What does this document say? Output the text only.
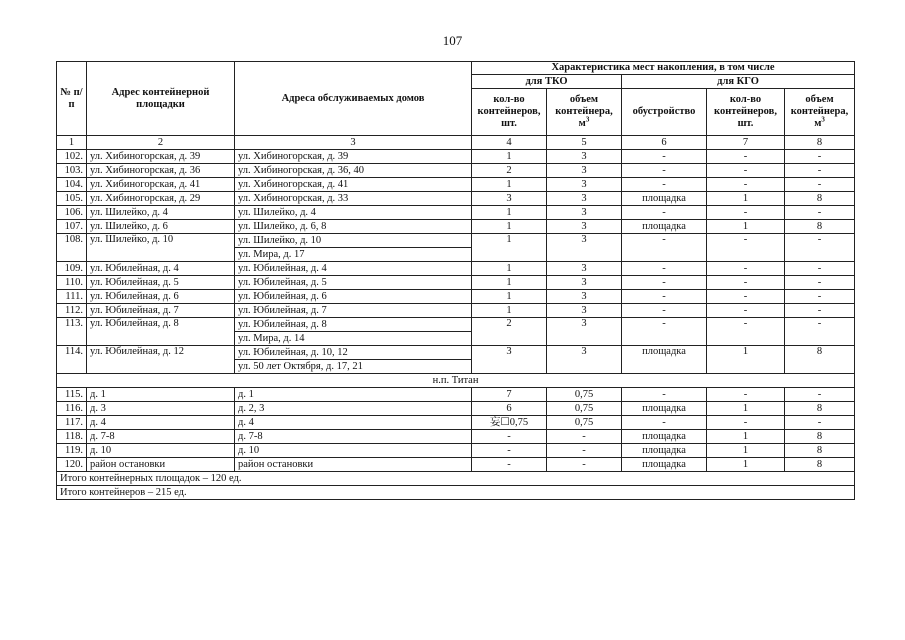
107
№ п/п	Адрес контейнерной площадки	Адреса обслуживаемых домов	Характеристика мест накопления, в том числе				
			для ТКО		для КГО		
			кол-во контейнеров, шт.	объем контейнера, $м^3$	обустройство	кол-во контейнеров, шт.	объем контейнера, $м^3$
1	2	3	4	5	6	7	8
102.	ул. Хибиногорская, д. 39	ул. Хибиногорская, д. 39	1	3	-	-	-
103.	ул. Хибиногорская, д. 36	ул. Хибиногорская, д. 36, 40	2	3	-	-	-
104.	ул. Хибиногорская, д. 41	ул. Хибиногорская, д. 41	1	3	-	-	-
105.	ул. Хибиногорская, д. 29	ул. Хибиногорская, д. 33	3	3	площадка	1	8
106.	ул. Шилейко, д. 4	ул. Шилейко, д. 4	1	3	-	-	-
107.	ул. Шилейко, д. 6	ул. Шилейко, д. 6, 8	1	3	площадка	1	8
108.	ул. Шилейко, д. 10	ул. Шилейко, д. 10	1	3	-	-	-
		ул. Мира, д. 17					
109.	ул. Юбилейная, д. 4	ул. Юбилейная, д. 4	1	3	-	-	-
110.	ул. Юбилейная, д. 5	ул. Юбилейная, д. 5	1	3	-	-	-
111.	ул. Юбилейная, д. 6	ул. Юбилейная, д. 6	1	3	-	-	-
112.	ул. Юбилейная, д. 7	ул. Юбилейная, д. 7	1	3	-	-	-
113.	ул. Юбилейная, д. 8	ул. Юбилейная, д. 8	2	3	-	-	-
		ул. Мира, д. 14					
114.	ул. Юбилейная, д. 12	ул. Юбилейная, д. 10, 12	3	3	площадка	1	8
		ул. 50 лет Октября, д. 17, 21					
н.п. Титан							
115.	д. 1	д. 1	7	0,75	-	-	-
116.	д. 3	д. 2, 3	6	0,75	площадка	1	8
117.	д. 4	д. 4	妄☐0,75	0,75	-	-	-
118.	д. 7-8	д. 7-8	-	-	площадка	1	8
119.	д. 10	д. 10	-	-	площадка	1	8
120.	район остановки	район остановки	-	-	площадка	1	8
Итого контейнерных площадок – 120 ед.							
Итого контейнеров – 215 ед.							
